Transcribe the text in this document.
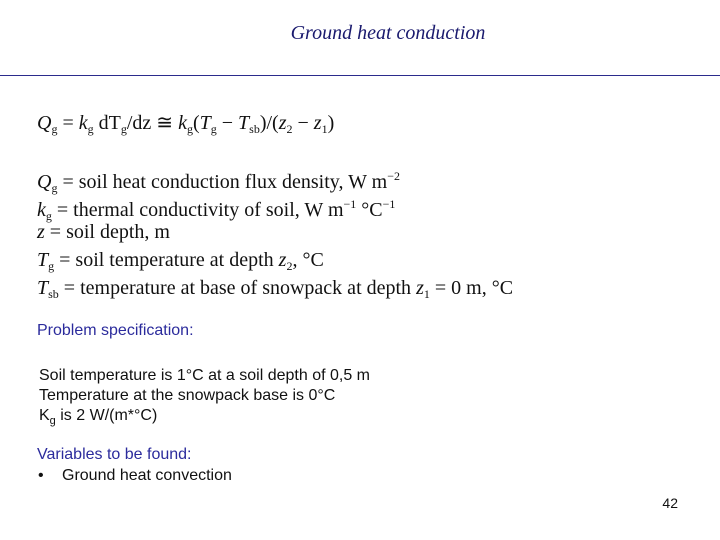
Ground heat conduction
$Q_g = k_g$ $dT_g/dz$ ≅ $k_g(T_g - T_{sb})/(z_2 - z_1)$
$Q_g$ = soil heat conduction flux density, W $m^{-2}$
$k_g$ = thermal conductivity of soil, W $m^{-1}$ $^\circ C^{-1}$
z = soil depth, m
$T_g$ = soil temperature at depth $z_2$, °C
$T_{sb}$ = temperature at base of snowpack at depth $z_1 = 0$ m, °C
Problem specification:
Soil temperature is 1°C at a soil depth of 0,5 m
Temperature at the snowpack base is 0°C
$K_g$ is 2 W/(m*°C)
Variables to be found:
• Ground heat convection
42
